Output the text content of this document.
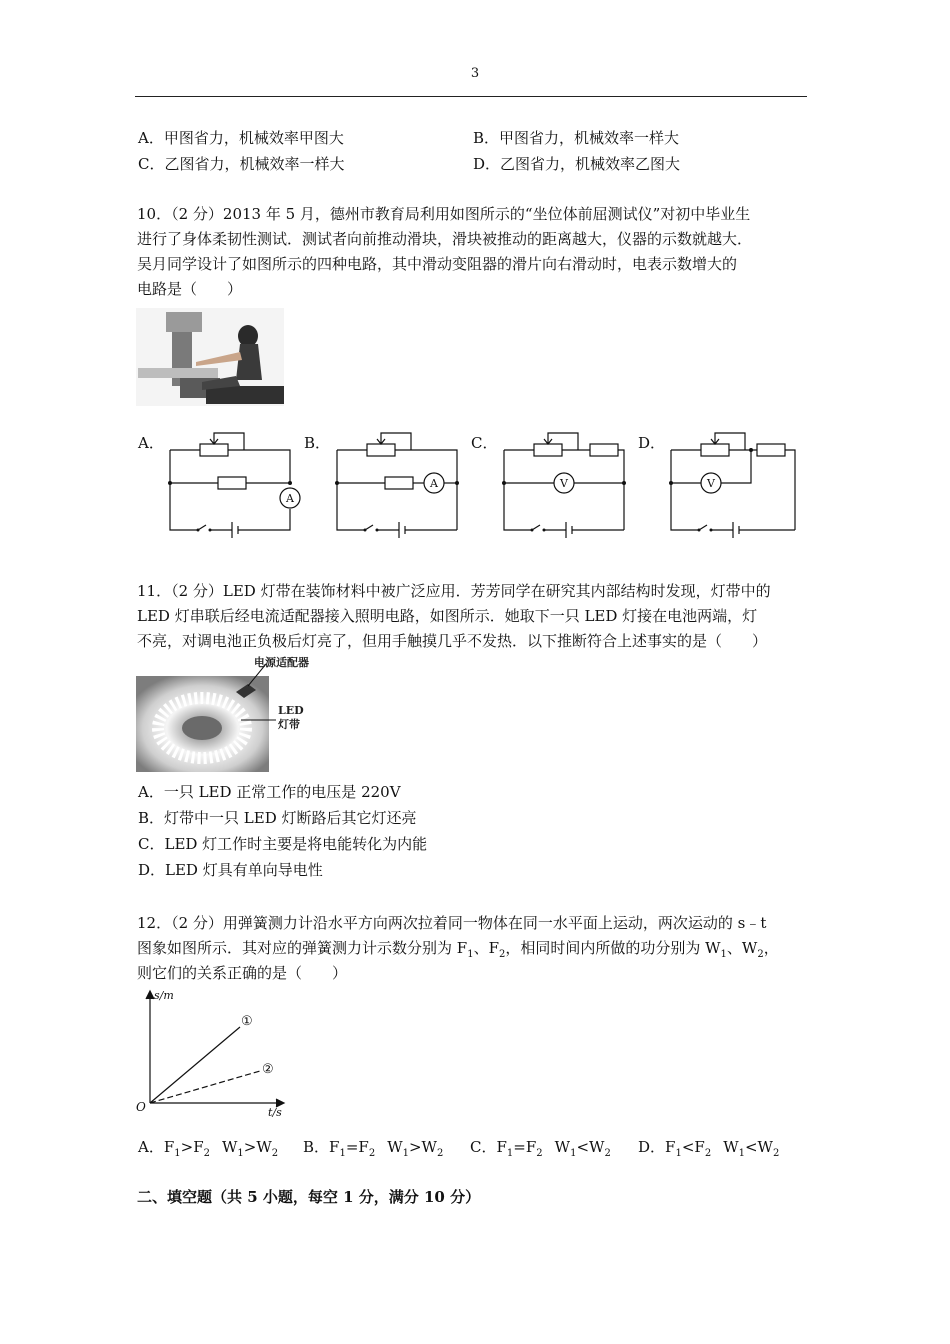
3
A．甲图省力，机械效率甲图大	B．甲图省力，机械效率一样大
C．乙图省力，机械效率一样大	D．乙图省力，机械效率乙图大
10．（2 分）2013 年 5 月，德州市教育局利用如图所示的“坐位体前屈测试仪”对初中毕业生
进行了身体柔韧性测试．测试者向前推动滑块，滑块被推动的距离越大，仪器的示数就越大．
吴月同学设计了如图所示的四种电路，其中滑动变阻器的滑片向右滑动时，电表示数增大的
电路是（　　）
A．	B．	C．	D．
A
A	V	V
11．（2 分）LED 灯带在装饰材料中被广泛应用．芳芳同学在研究其内部结构时发现，灯带中的
LED 灯串联后经电流适配器接入照明电路，如图所示．她取下一只 LED 灯接在电池两端，灯
不亮，对调电池正负极后灯亮了，但用手触摸几乎不发热．以下推断符合上述事实的是（　　）
电源适配器
LED
灯带
A．一只 LED 正常工作的电压是 220V
B．灯带中一只 LED 灯断路后其它灯还亮
C．LED 灯工作时主要是将电能转化为内能
D．LED 灯具有单向导电性
12．（2 分）用弹簧测力计沿水平方向两次拉着同一物体在同一水平面上运动，两次运动的 s﹣t
图象如图所示．其对应的弹簧测力计示数分别为 $F_1$、$F_2$，相同时间内所做的功分别为 $W_1$、$W_2$，
则它们的关系正确的是（　　）
s/m
t/s
O
①
②
A．$F_1>F_2$ $W_1>W_2$ B．$F_1=F_2$ $W_1>W_2$ C．$F_1=F_2$ $W_1<W_2$ D．$F_1<F_2$ $W_1<W_2$
二、填空题（共 5 小题，每空 1 分，满分 10 分）
